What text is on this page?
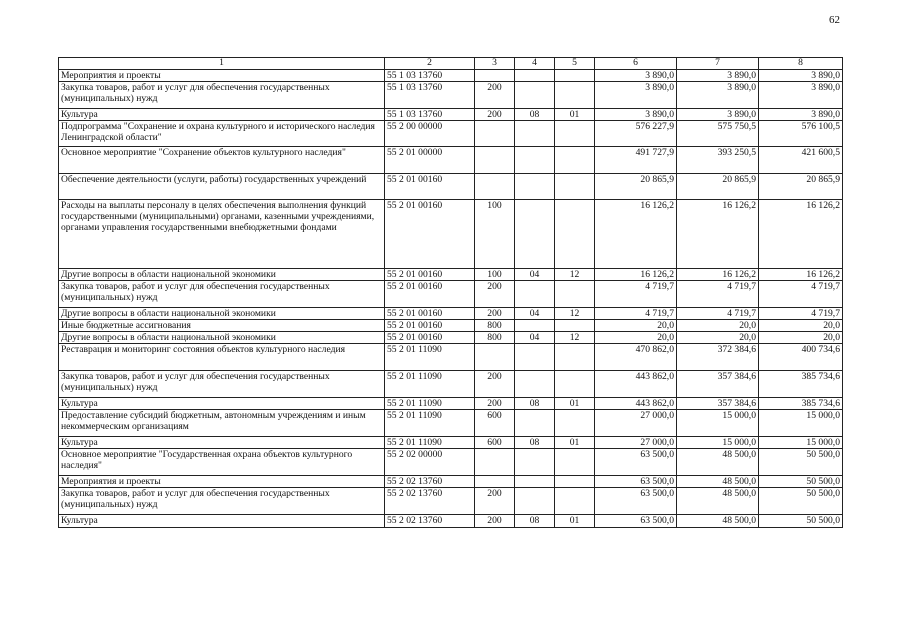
62
1	2	3	4	5	6	7	8
Мероприятия и проекты	55 1 03 13760				3 890,0	3 890,0	3 890,0
Закупка товаров, работ и услуг для обеспечения государственных (муниципальных) нужд	55 1 03 13760	200			3 890,0	3 890,0	3 890,0
Культура	55 1 03 13760	200	08	01	3 890,0	3 890,0	3 890,0
Подпрограмма "Сохранение и охрана культурного и исторического наследия Ленинградской области"	55 2 00 00000				576 227,9	575 750,5	576 100,5
Основное мероприятие "Сохранение объектов культурного наследия"	55 2 01 00000				491 727,9	393 250,5	421 600,5
Обеспечение деятельности (услуги, работы) государственных учреждений	55 2 01 00160				20 865,9	20 865,9	20 865,9
Расходы на выплаты персоналу в целях обеспечения выполнения функций государственными (муниципальными) органами, казенными учреждениями, органами управления государственными внебюджетными фондами	55 2 01 00160	100			16 126,2	16 126,2	16 126,2
Другие вопросы в области национальной экономики	55 2 01 00160	100	04	12	16 126,2	16 126,2	16 126,2
Закупка товаров, работ и услуг для обеспечения государственных (муниципальных) нужд	55 2 01 00160	200			4 719,7	4 719,7	4 719,7
Другие вопросы в области национальной экономики	55 2 01 00160	200	04	12	4 719,7	4 719,7	4 719,7
Иные бюджетные ассигнования	55 2 01 00160	800			20,0	20,0	20,0
Другие вопросы в области национальной экономики	55 2 01 00160	800	04	12	20,0	20,0	20,0
Реставрация и мониторинг состояния объектов культурного наследия	55 2 01 11090				470 862,0	372 384,6	400 734,6
Закупка товаров, работ и услуг для обеспечения государственных (муниципальных) нужд	55 2 01 11090	200			443 862,0	357 384,6	385 734,6
Культура	55 2 01 11090	200	08	01	443 862,0	357 384,6	385 734,6
Предоставление субсидий бюджетным, автономным учреждениям и иным некоммерческим организациям	55 2 01 11090	600			27 000,0	15 000,0	15 000,0
Культура	55 2 01 11090	600	08	01	27 000,0	15 000,0	15 000,0
Основное мероприятие "Государственная охрана объектов культурного наследия"	55 2 02 00000				63 500,0	48 500,0	50 500,0
Мероприятия и проекты	55 2 02 13760				63 500,0	48 500,0	50 500,0
Закупка товаров, работ и услуг для обеспечения государственных (муниципальных) нужд	55 2 02 13760	200			63 500,0	48 500,0	50 500,0
Культура	55 2 02 13760	200	08	01	63 500,0	48 500,0	50 500,0
